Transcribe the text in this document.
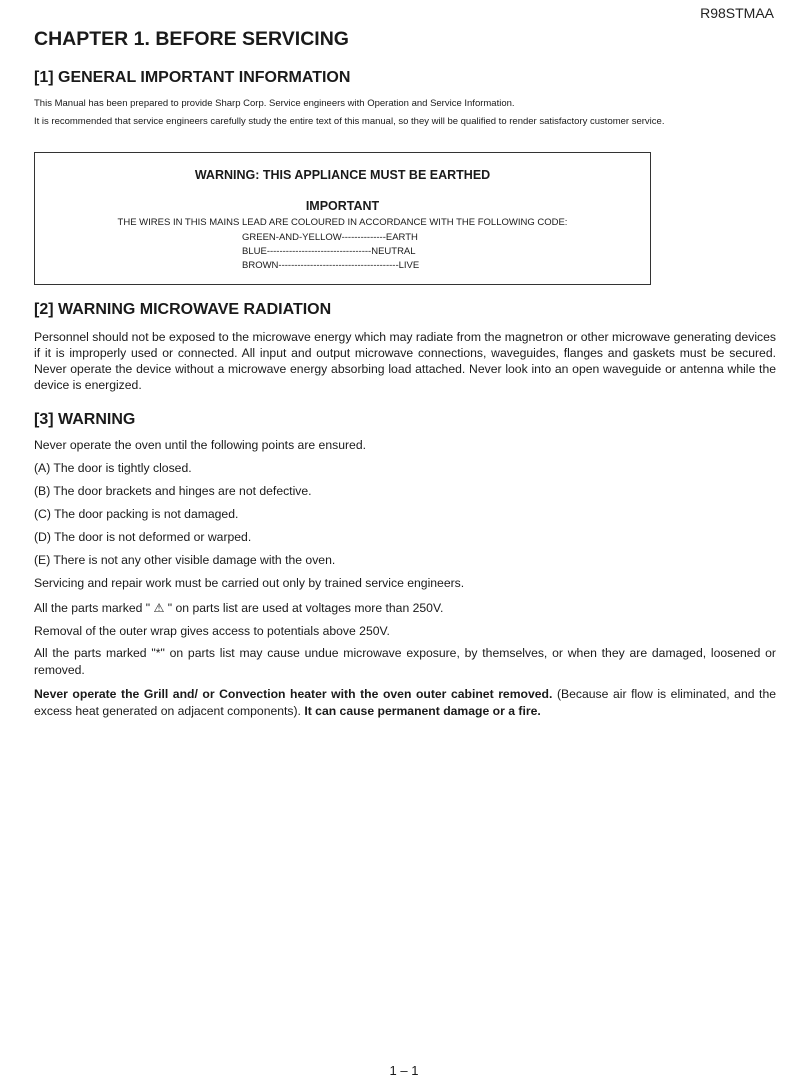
R98STMAA
CHAPTER 1. BEFORE SERVICING
[1] GENERAL IMPORTANT INFORMATION

This Manual has been prepared to provide Sharp Corp. Service engineers with Operation and Service Information.

It is recommended that service engineers carefully study the entire text of this manual, so they will be qualified to render satisfactory customer service.

WARNING: THIS APPLIANCE MUST BE EARTHED
IMPORTANT
THE WIRES IN THIS MAINS LEAD ARE COLOURED IN ACCORDANCE WITH THE FOLLOWING CODE:
GREEN-AND-YELLOW--------------EARTH
BLUE---------------------------------NEUTRAL
BROWN--------------------------------------LIVE
[2] WARNING MICROWAVE RADIATION

Personnel should not be exposed to the microwave energy which may radiate from the magnetron or other microwave generating devices if it is improperly used or connected. All input and output microwave connections, waveguides, flanges and gaskets must be secured. Never operate the device without a microwave energy absorbing load attached. Never look into an open waveguide or antenna while the device is energized.

[3] WARNING

Never operate the oven until the following points are ensured.

(A) The door is tightly closed.

(B) The door brackets and hinges are not defective.

(C) The door packing is not damaged.

(D) The door is not deformed or warped.

(E) There is not any other visible damage with the oven.

Servicing and repair work must be carried out only by trained service engineers.

All the parts marked " ⚠ " on parts list are used at voltages more than 250V.

Removal of the outer wrap gives access to potentials above 250V.

All the parts marked "*" on parts list may cause undue microwave exposure, by themselves, or when they are damaged, loosened or removed.

Never operate the Grill and/ or Convection heater with the oven outer cabinet removed. (Because air flow is eliminated, and the excess heat generated on adjacent components). It can cause permanent damage or a fire.

1 – 1
